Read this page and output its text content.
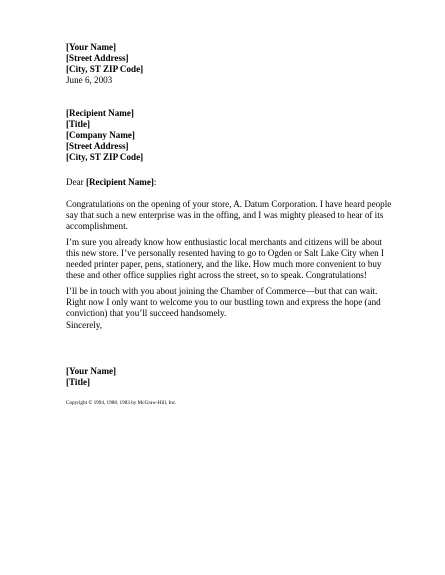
[Your Name]
[Street Address]
[City, ST ZIP Code]
June 6, 2003
[Recipient Name]
[Title]
[Company Name]
[Street Address]
[City, ST ZIP Code]
Dear [Recipient Name]:
Congratulations on the opening of your store, A. Datum Corporation. I have heard people
say that such a new enterprise was in the offing, and I was mighty pleased to hear of its
accomplishment.
I’m sure you already know how enthusiastic local merchants and citizens will be about
this new store. I’ve personally resented having to go to Ogden or Salt Lake City when I
needed printer paper, pens, stationery, and the like. How much more convenient to buy
these and other office supplies right across the street, so to speak. Congratulations!
I’ll be in touch with you about joining the Chamber of Commerce—but that can wait.
Right now I only want to welcome you to our bustling town and express the hope (and
conviction) that you’ll succeed handsomely.
Sincerely,
[Your Name]
[Title]
Copyright © 1994, 1988, 1983 by McGraw-Hill, Inc.
